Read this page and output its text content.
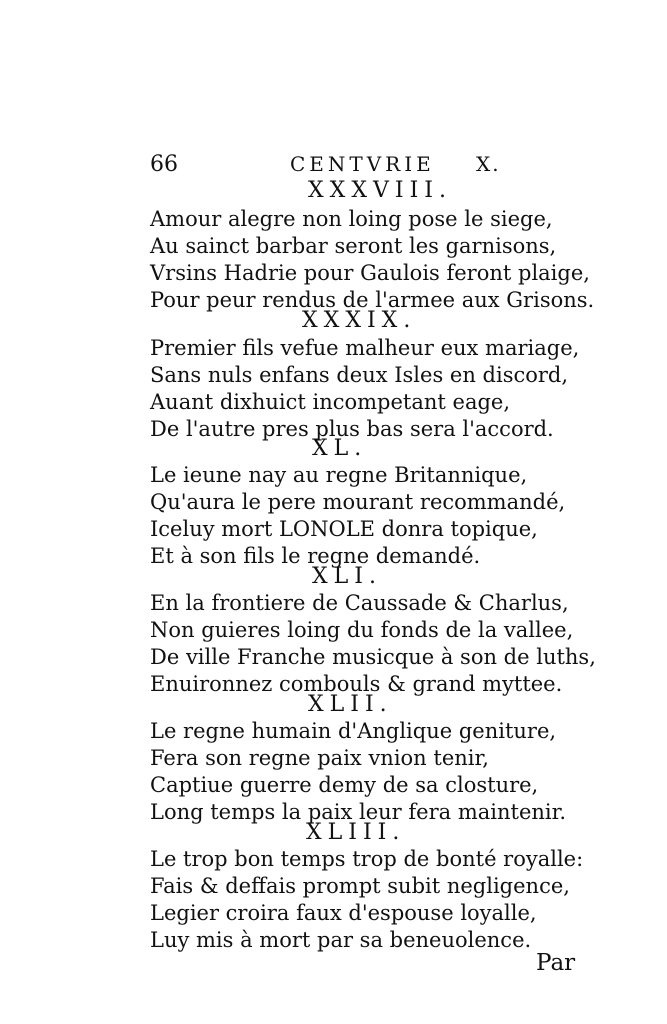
66	CENTVRIE X.
XXXVIII.
Amour alegre non loing pose le siege,
Au sainct barbar seront les garnisons,
Vrsins Hadrie pour Gaulois feront plaige,
Pour peur rendus de l'armee aux Grisons.
XXXIX.
Premier fils vefue malheur eux mariage,
Sans nuls enfans deux Isles en discord,
Auant dixhuict incompetant eage,
De l'autre pres plus bas sera l'accord.
XL.
Le ieune nay au regne Britannique,
Qu'aura le pere mourant recommandé,
Iceluy mort LONOLE donra topique,
Et à son fils le regne demandé.
XLI.
En la frontiere de Caussade & Charlus,
Non guieres loing du fonds de la vallee,
De ville Franche musicque à son de luths,
Enuironnez combouls & grand myttee.
XLII.
Le regne humain d'Anglique geniture,
Fera son regne paix vnion tenir,
Captiue guerre demy de sa closture,
Long temps la paix leur fera maintenir.
XLIII.
Le trop bon temps trop de bonté royalle:
Fais & deffais prompt subit negligence,
Legier croira faux d'espouse loyalle,
Luy mis à mort par sa beneuolence.
Par
